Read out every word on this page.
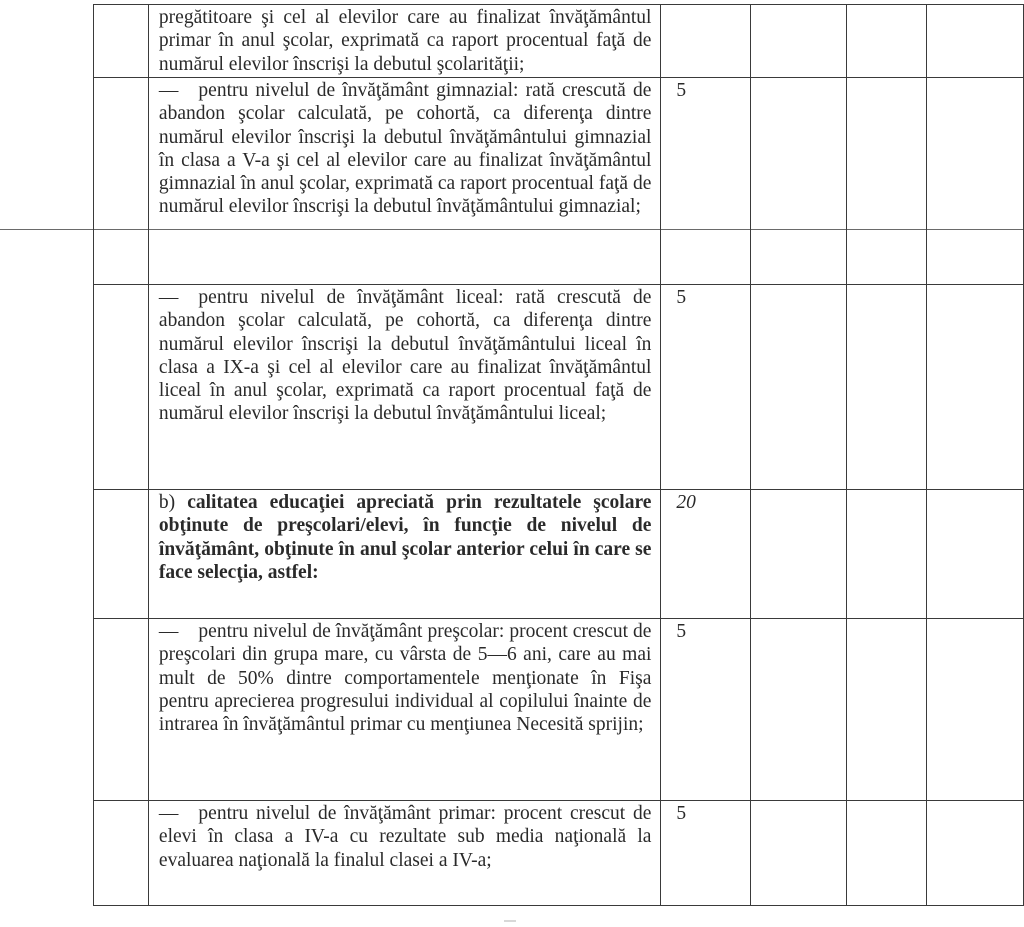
	pregătitoare şi cel al elevilor care au finalizat învăţământul primar în anul şcolar, exprimată ca raport procentual faţă de numărul elevilor înscrişi la debutul şcolarităţii;				

	— pentru nivelul de învăţământ gimnazial: rată crescută de abandon şcolar calculată, pe cohortă, ca diferenţa dintre numărul elevilor înscrişi la debutul învăţământului gimnazial în clasa a V-a şi cel al elevilor care au finalizat învăţământul gimnazial în anul şcolar, exprimată ca raport procentual faţă de numărul elevilor înscrişi la debutul învăţământului gimnazial;	5			

	— pentru nivelul de învăţământ liceal: rată crescută de abandon şcolar calculată, pe cohortă, ca diferenţa dintre numărul elevilor înscrişi la debutul învăţământului liceal în clasa a IX-a şi cel al elevilor care au finalizat învăţământul liceal în anul şcolar, exprimată ca raport procentual faţă de numărul elevilor înscrişi la debutul învăţământului liceal;	5			

	b) calitatea educaţiei apreciată prin rezultatele şcolare obţinute de preşcolari/elevi, în funcţie de nivelul de învăţământ, obţinute în anul şcolar anterior celui în care se face selecţia, astfel:	20			

	— pentru nivelul de învăţământ preşcolar: procent crescut de preşcolari din grupa mare, cu vârsta de 5—6 ani, care au mai mult de 50% dintre comportamentele menţionate în Fişa pentru aprecierea progresului individual al copilului înainte de intrarea în învăţământul primar cu menţiunea Necesită sprijin;	5			

	— pentru nivelul de învăţământ primar: procent crescut de elevi în clasa a IV-a cu rezultate sub media naţională la evaluarea naţională la finalul clasei a IV-a;	5			
